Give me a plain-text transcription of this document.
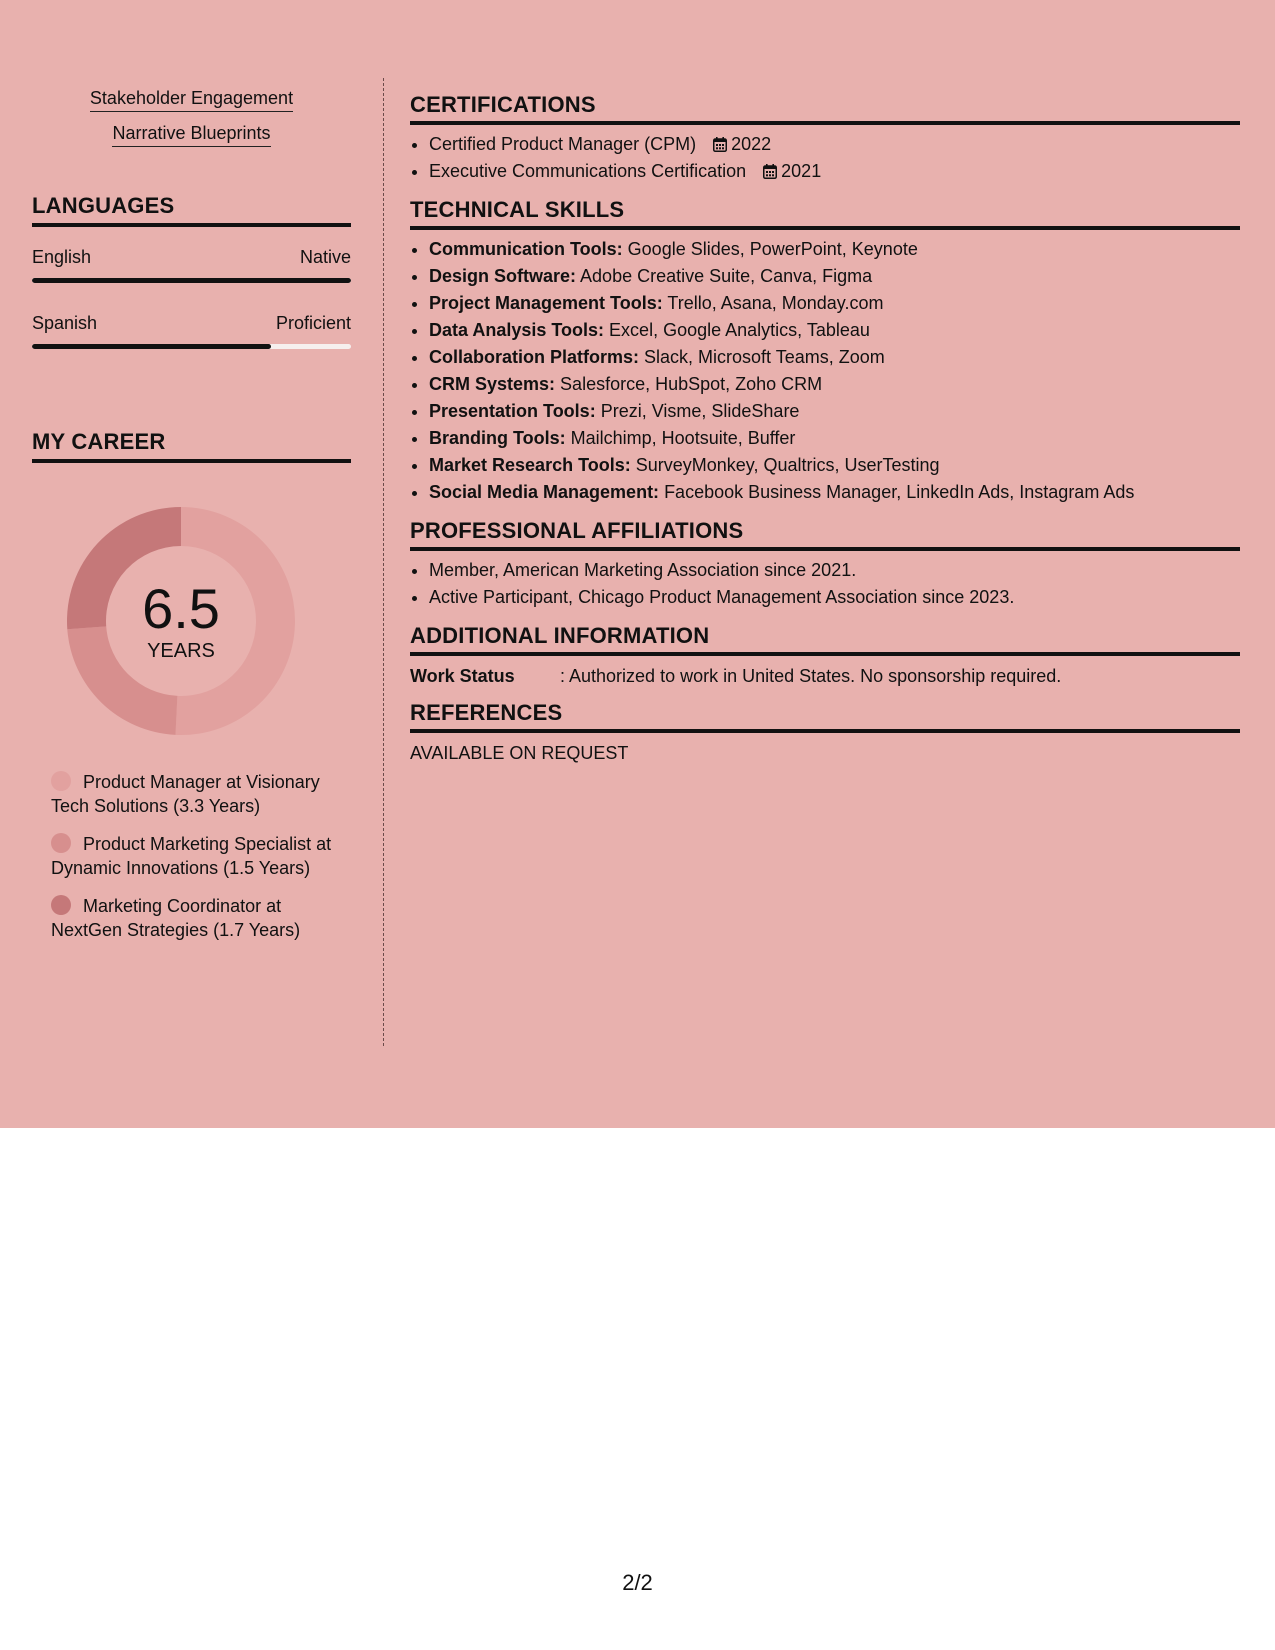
Stakeholder Engagement
Narrative Blueprints
LANGUAGES
English	Native
Spanish	Proficient
MY CAREER
6.5
YEARS
Product Manager at Visionary Tech Solutions (3.3 Years)
Product Marketing Specialist at Dynamic Innovations (1.5 Years)
Marketing Coordinator at NextGen Strategies (1.7 Years)
CERTIFICATIONS
• Certified Product Manager (CPM) 2022
• Executive Communications Certification 2021
TECHNICAL SKILLS
• Communication Tools: Google Slides, PowerPoint, Keynote
• Design Software: Adobe Creative Suite, Canva, Figma
• Project Management Tools: Trello, Asana, Monday.com
• Data Analysis Tools: Excel, Google Analytics, Tableau
• Collaboration Platforms: Slack, Microsoft Teams, Zoom
• CRM Systems: Salesforce, HubSpot, Zoho CRM
• Presentation Tools: Prezi, Visme, SlideShare
• Branding Tools: Mailchimp, Hootsuite, Buffer
• Market Research Tools: SurveyMonkey, Qualtrics, UserTesting
• Social Media Management: Facebook Business Manager, LinkedIn Ads, Instagram Ads
PROFESSIONAL AFFILIATIONS
• Member, American Marketing Association since 2021.
• Active Participant, Chicago Product Management Association since 2023.
ADDITIONAL INFORMATION
Work Status	: Authorized to work in United States. No sponsorship required.
REFERENCES
AVAILABLE ON REQUEST
2/2
